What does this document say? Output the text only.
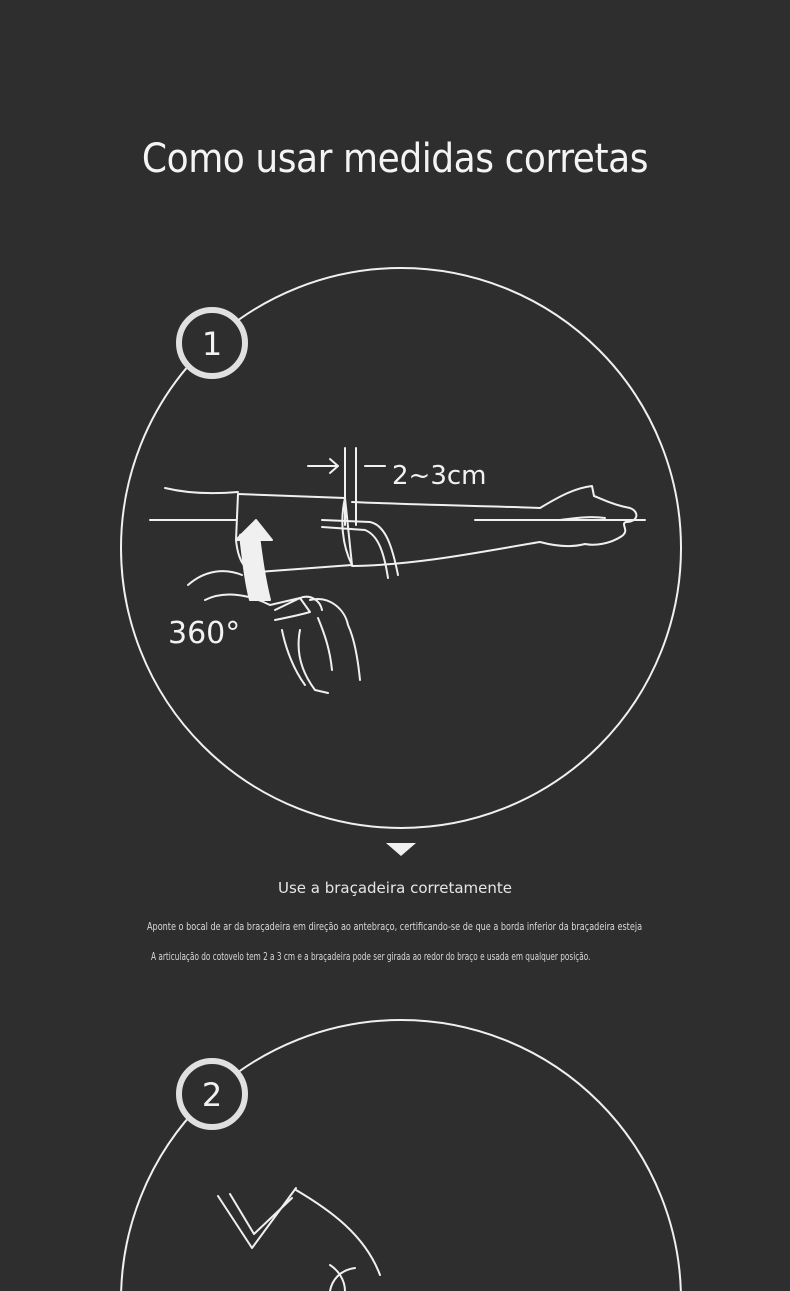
Como usar medidas corretas
1
2~3cm
360°
2
Use a braçadeira corretamente
Aponte o bocal de ar da braçadeira em direção ao antebraço, certificando-se de que a borda inferior da braçadeira esteja
A articulação do cotovelo tem 2 a 3 cm e a braçadeira pode ser girada ao redor do braço e usada em qualquer posição.
